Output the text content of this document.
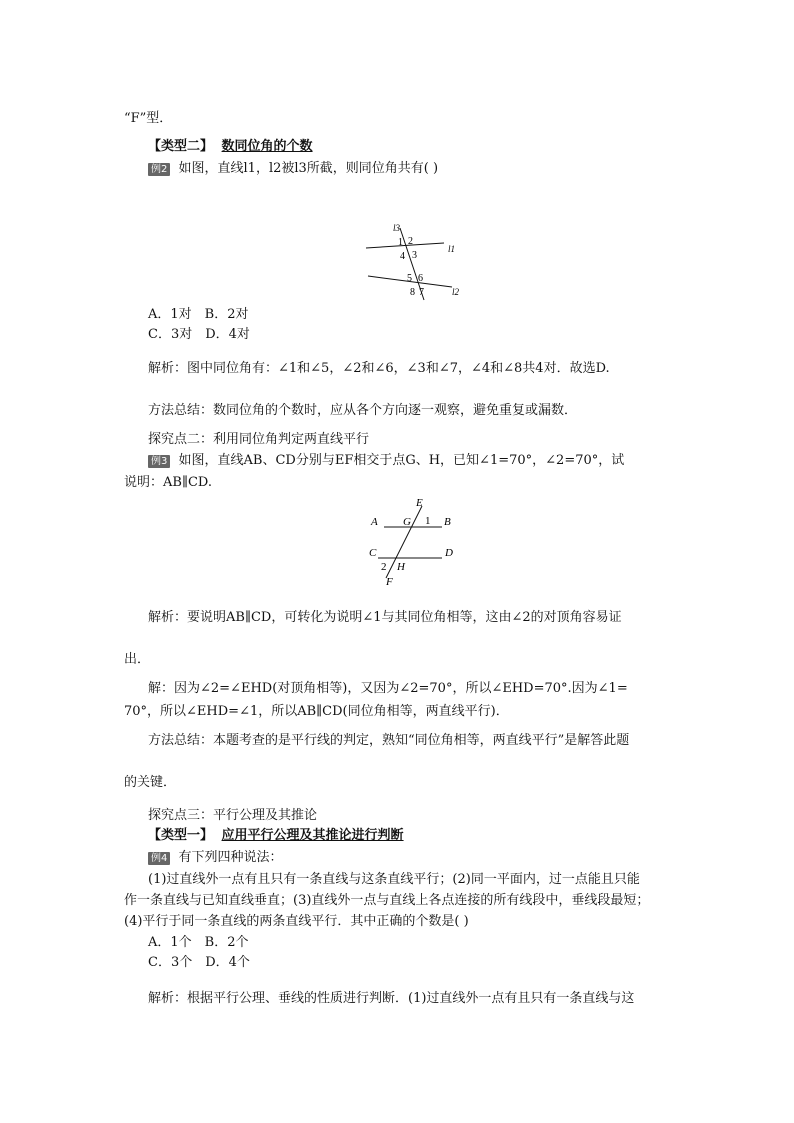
“F”型．
【类型二】 数同位角的个数
例2 如图，直线l1，l2被l3所截，则同位角共有( )
l3
l1
l2
1 2
3
4
5 6
7
8
A．1对　B．2对
C．3对　D．4对
解析：图中同位角有：∠1和∠5，∠2和∠6，∠3和∠7，∠4和∠8共4对．故选D.
方法总结：数同位角的个数时，应从各个方向逐一观察，避免重复或漏数．
探究点二：利用同位角判定两直线平行
例3 如图，直线AB、CD分别与EF相交于点G、H，已知∠1=70°，∠2=70°，试
说明：AB∥CD.
E
A G 1 B
C	D
2 H
F
解析：要说明AB∥CD，可转化为说明∠1与其同位角相等，这由∠2的对顶角容易证
出．
解：因为∠2=∠EHD(对顶角相等)，又因为∠2=70°，所以∠EHD=70°.因为∠1=
70°，所以∠EHD=∠1，所以AB∥CD(同位角相等，两直线平行)．
方法总结：本题考查的是平行线的判定，熟知“同位角相等，两直线平行”是解答此题
的关键．
探究点三：平行公理及其推论
【类型一】 应用平行公理及其推论进行判断
例4 有下列四种说法：
(1)过直线外一点有且只有一条直线与这条直线平行；(2)同一平面内，过一点能且只能
作一条直线与已知直线垂直；(3)直线外一点与直线上各点连接的所有线段中，垂线段最短；
(4)平行于同一条直线的两条直线平行．其中正确的个数是( )
A．1个　B．2个
C．3个　D．4个
解析：根据平行公理、垂线的性质进行判断．(1)过直线外一点有且只有一条直线与这
